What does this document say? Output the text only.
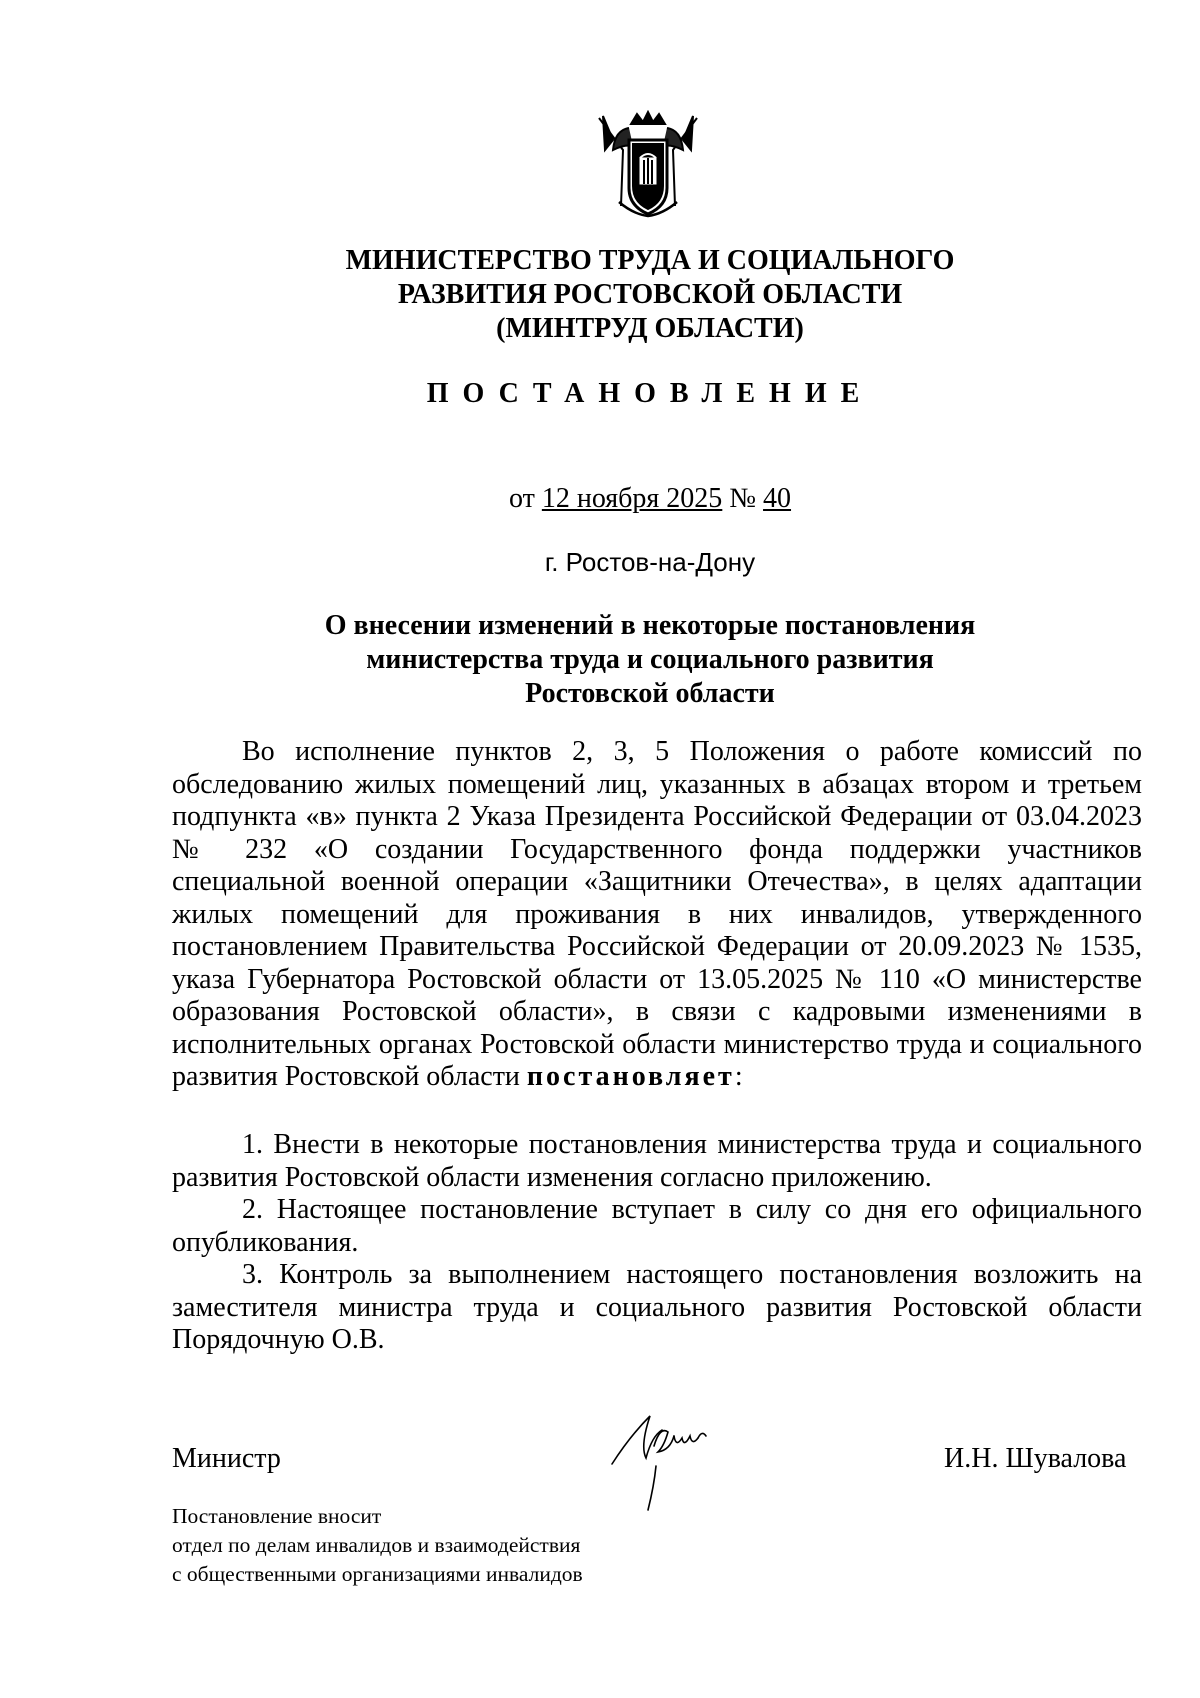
МИНИСТЕРСТВО ТРУДА И СОЦИАЛЬНОГО
РАЗВИТИЯ РОСТОВСКОЙ ОБЛАСТИ
(МИНТРУД ОБЛАСТИ)
ПОСТАНОВЛЕНИЕ
от 12 ноября 2025 № 40
г. Ростов-на-Дону
О внесении изменений в некоторые постановления
министерства труда и социального развития
Ростовской области
Во исполнение пунктов 2, 3, 5 Положения о работе комиссий по обследованию жилых помещений лиц, указанных в абзацах втором и третьем подпункта «в» пункта 2 Указа Президента Российской Федерации от 03.04.2023 № 232 «О создании Государственного фонда поддержки участников специальной военной операции «Защитники Отечества», в целях адаптации жилых помещений для проживания в них инвалидов, утвержденного постановлением Правительства Российской Федерации от 20.09.2023 № 1535, указа Губернатора Ростовской области от 13.05.2025 № 110 «О министерстве образования Ростовской области», в связи с кадровыми изменениями в исполнительных органах Ростовской области министерство труда и социального развития Ростовской области постановляет:

1. Внести в некоторые постановления министерства труда и социального развития Ростовской области изменения согласно приложению.

2. Настоящее постановление вступает в силу со дня его официального опубликования.

3. Контроль за выполнением настоящего постановления возложить на заместителя министра труда и социального развития Ростовской области Порядочную О.В.

Министр	И.Н. Шувалова
Постановление вносит
отдел по делам инвалидов и взаимодействия
с общественными организациями инвалидов
